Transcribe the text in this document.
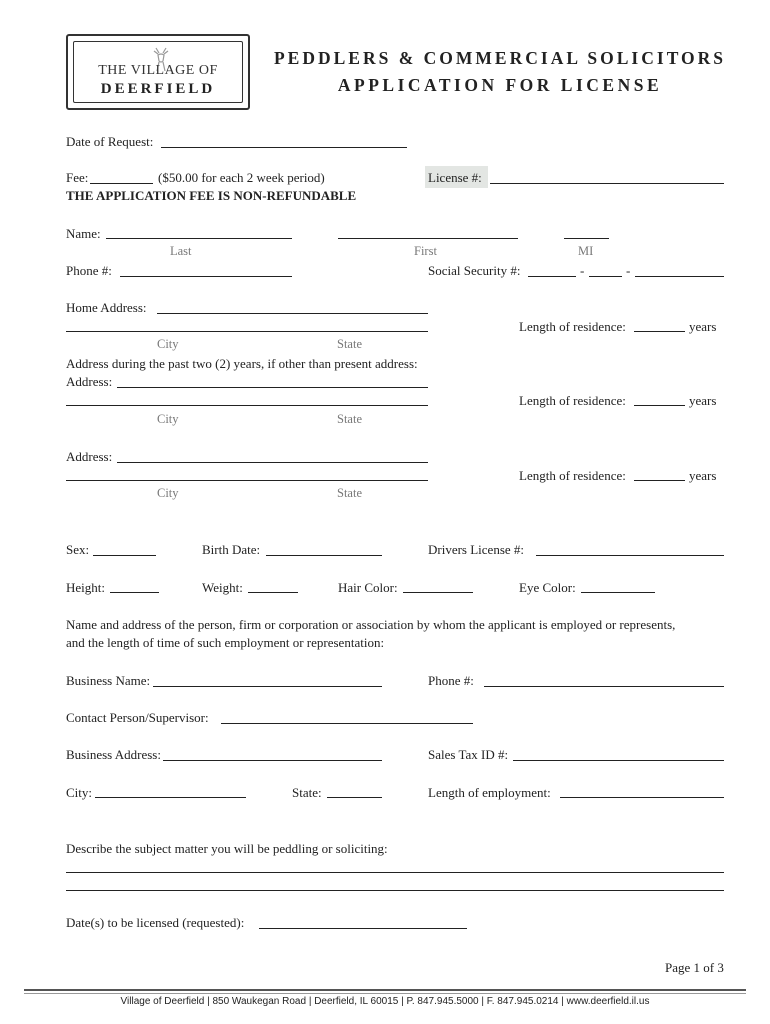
THE VILLAGE OF
DEERFIELD
PEDDLERS & COMMERCIAL SOLICITORS
APPLICATION FOR LICENSE
Date of Request:
Fee:	($50.00 for each 2 week period)
THE APPLICATION FEE IS NON-REFUNDABLE
License #:
Name:
Last	First	MI
Phone #:	Social Security #:	-	-
Home Address:
Length of residence:	years
City	State
Address during the past two (2) years, if other than present address:
Address:
Length of residence:	years
City	State
Address:
Length of residence:	years
City	State
Sex:	Birth Date:	Drivers License #:
Height:	Weight:	Hair Color:	Eye Color:
Name and address of the person, firm or corporation or association by whom the applicant is employed or represents,
and the length of time of such employment or representation:
Business Name:	Phone #:
Contact Person/Supervisor:
Business Address:	Sales Tax ID #:
City:	State:	Length of employment:
Describe the subject matter you will be peddling or soliciting:
Date(s) to be licensed (requested):
Page 1 of 3
Village of Deerfield | 850 Waukegan Road | Deerfield, IL 60015 | P. 847.945.5000 | F. 847.945.0214 | www.deerfield.il.us
